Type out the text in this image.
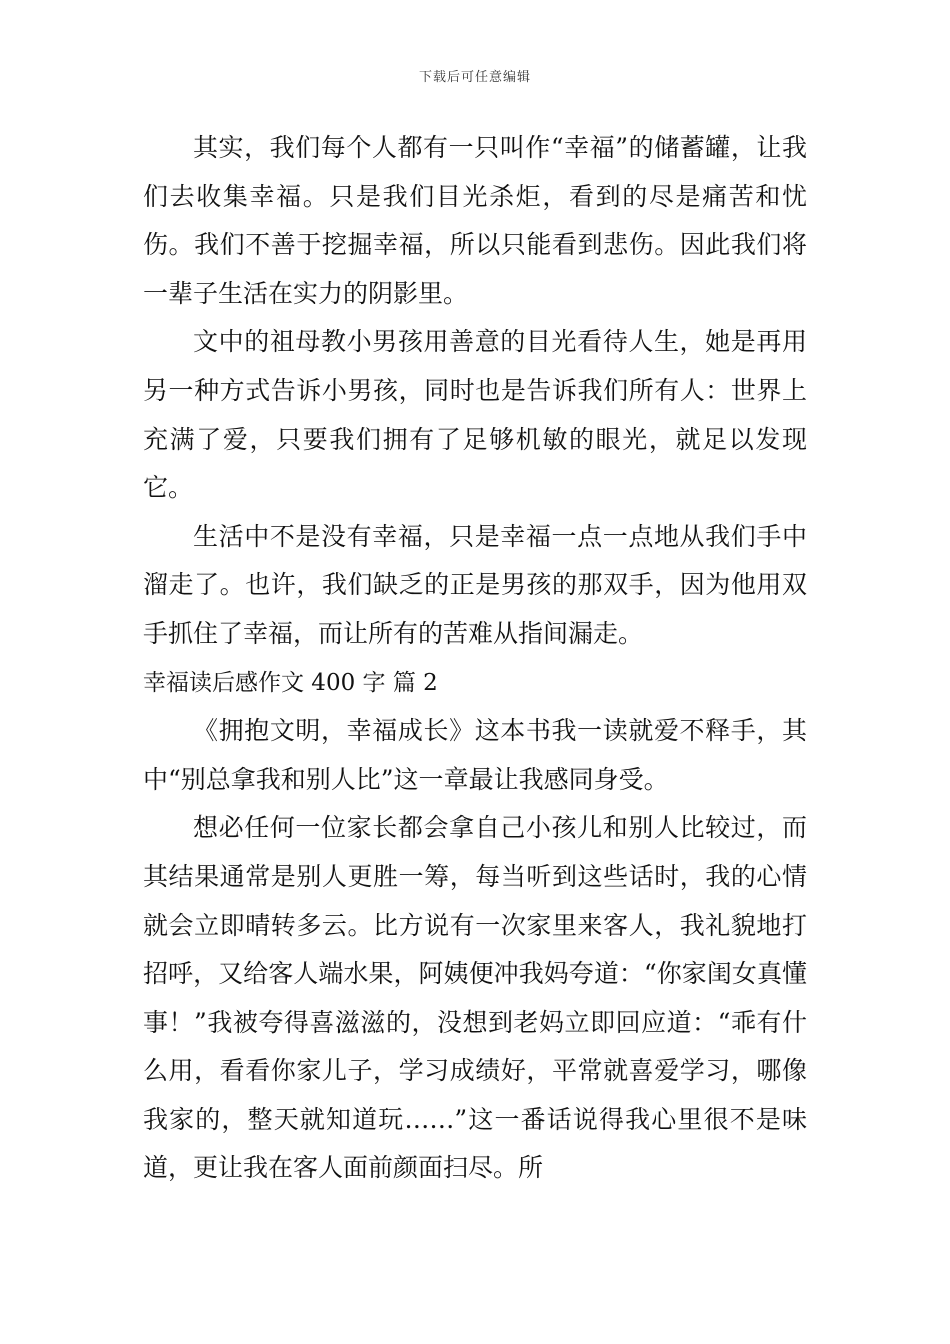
下载后可任意编辑

其实，我们每个人都有一只叫作“幸福”的储蓄罐，让我们去收集幸福。只是我们目光杀炬，看到的尽是痛苦和忧伤。我们不善于挖掘幸福，所以只能看到悲伤。因此我们将一辈子生活在实力的阴影里。

文中的祖母教小男孩用善意的目光看待人生，她是再用另一种方式告诉小男孩，同时也是告诉我们所有人：世界上充满了爱，只要我们拥有了足够机敏的眼光，就足以发现它。

生活中不是没有幸福，只是幸福一点一点地从我们手中溜走了。也许，我们缺乏的正是男孩的那双手，因为他用双手抓住了幸福，而让所有的苦难从指间漏走。

幸福读后感作文 400 字 篇 2

《拥抱文明，幸福成长》这本书我一读就爱不释手，其中“别总拿我和别人比”这一章最让我感同身受。

想必任何一位家长都会拿自己小孩儿和别人比较过，而其结果通常是别人更胜一筹，每当听到这些话时，我的心情就会立即晴转多云。比方说有一次家里来客人，我礼貌地打招呼，又给客人端水果，阿姨便冲我妈夸道：“你家闺女真懂事！”我被夸得喜滋滋的，没想到老妈立即回应道：“乖有什么用，看看你家儿子，学习成绩好，平常就喜爱学习，哪像我家的，整天就知道玩……”这一番话说得我心里很不是味道，更让我在客人面前颜面扫尽。所
